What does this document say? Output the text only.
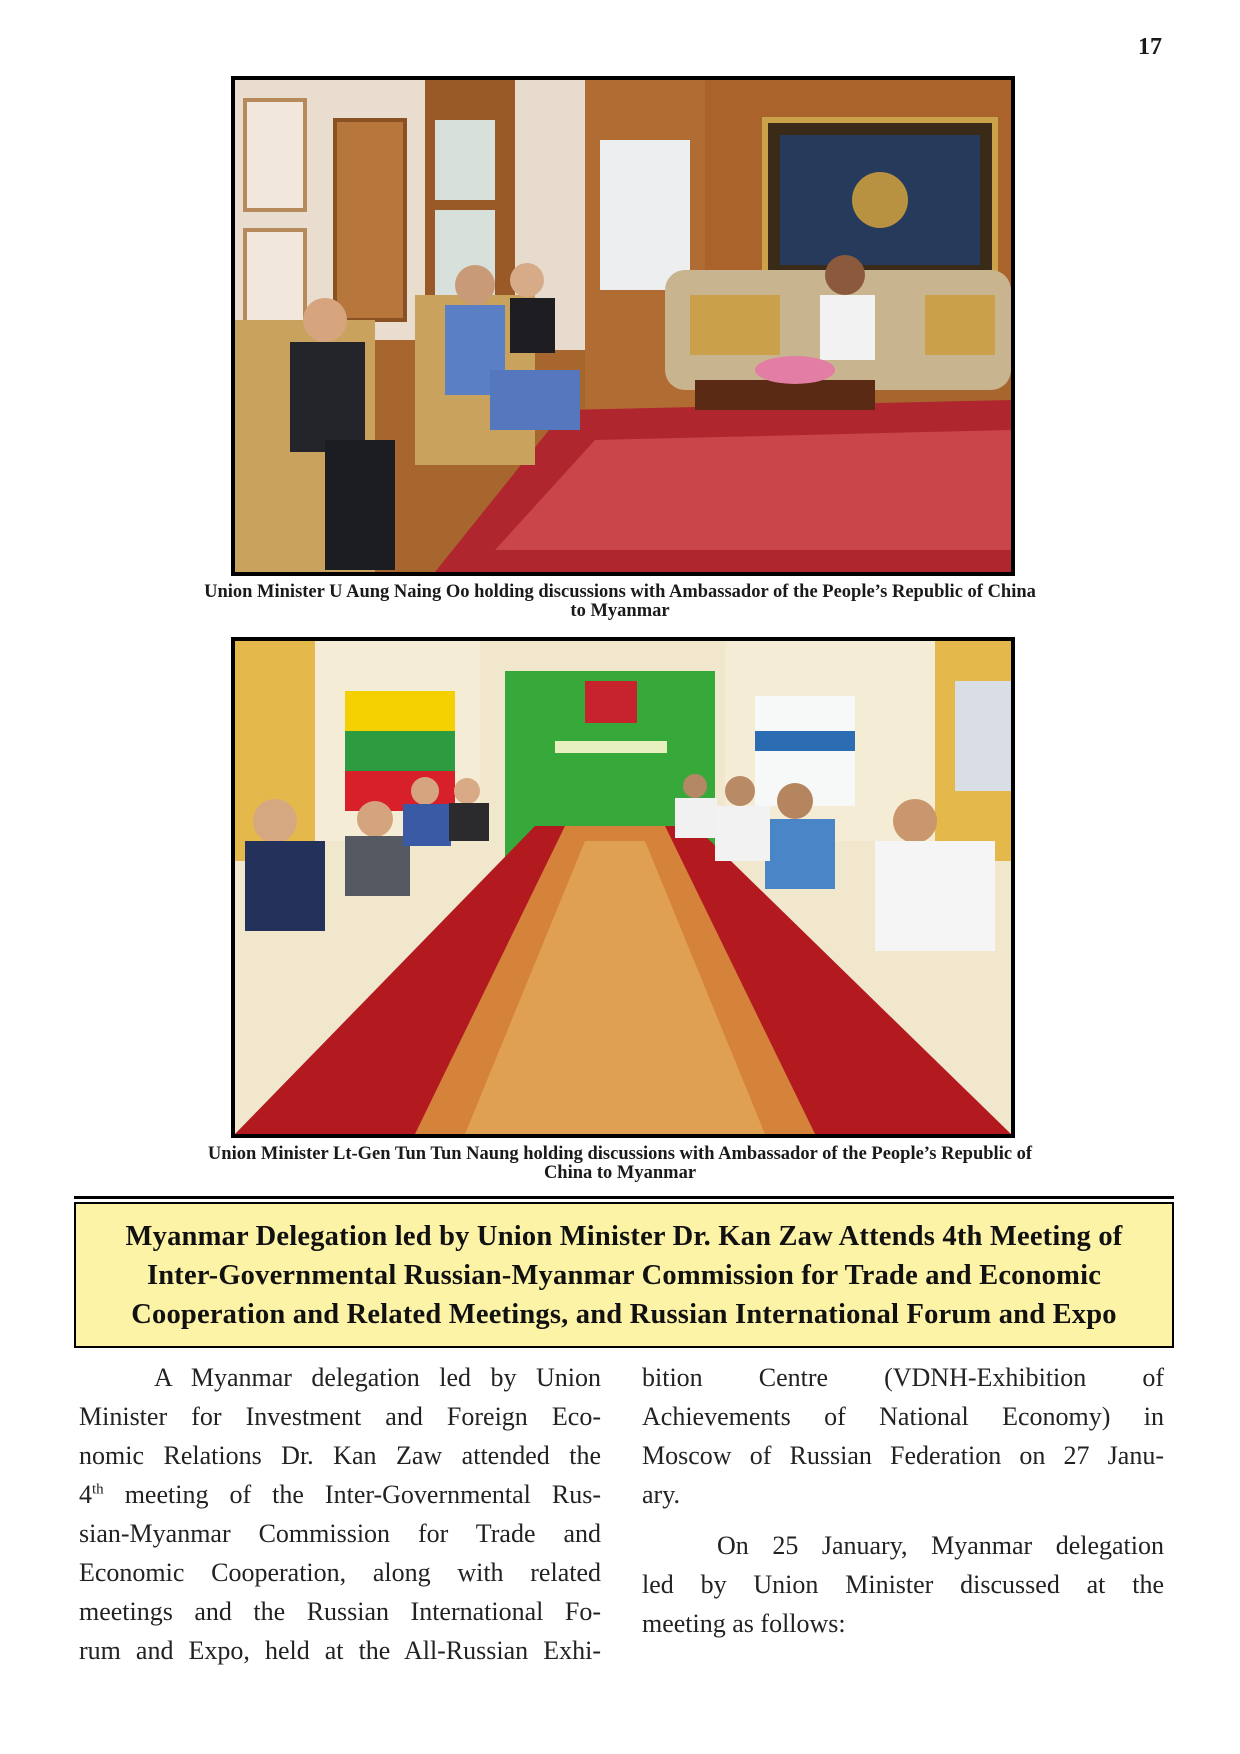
17
Union Minister U Aung Naing Oo holding discussions with Ambassador of the People’s Republic of China
to Myanmar
Union Minister Lt-Gen Tun Tun Naung holding discussions with Ambassador of the People’s Republic of
China to Myanmar
Myanmar Delegation led by Union Minister Dr. Kan Zaw Attends 4th Meeting of
Inter-Governmental Russian-Myanmar Commission for Trade and Economic
Cooperation and Related Meetings, and Russian International Forum and Expo
A Myanmar delegation led by Union
Minister for Investment and Foreign Eco-
nomic Relations Dr. Kan Zaw attended the
4th meeting of the Inter-Governmental Rus-
sian-Myanmar Commission for Trade and
Economic Cooperation, along with related
meetings and the Russian International Fo-
rum and Expo, held at the All-Russian Exhi-
bition Centre (VDNH-Exhibition of
Achievements of National Economy) in
Moscow of Russian Federation on 27 Janu-
ary.
On 25 January, Myanmar delegation
led by Union Minister discussed at the
meeting as follows:
